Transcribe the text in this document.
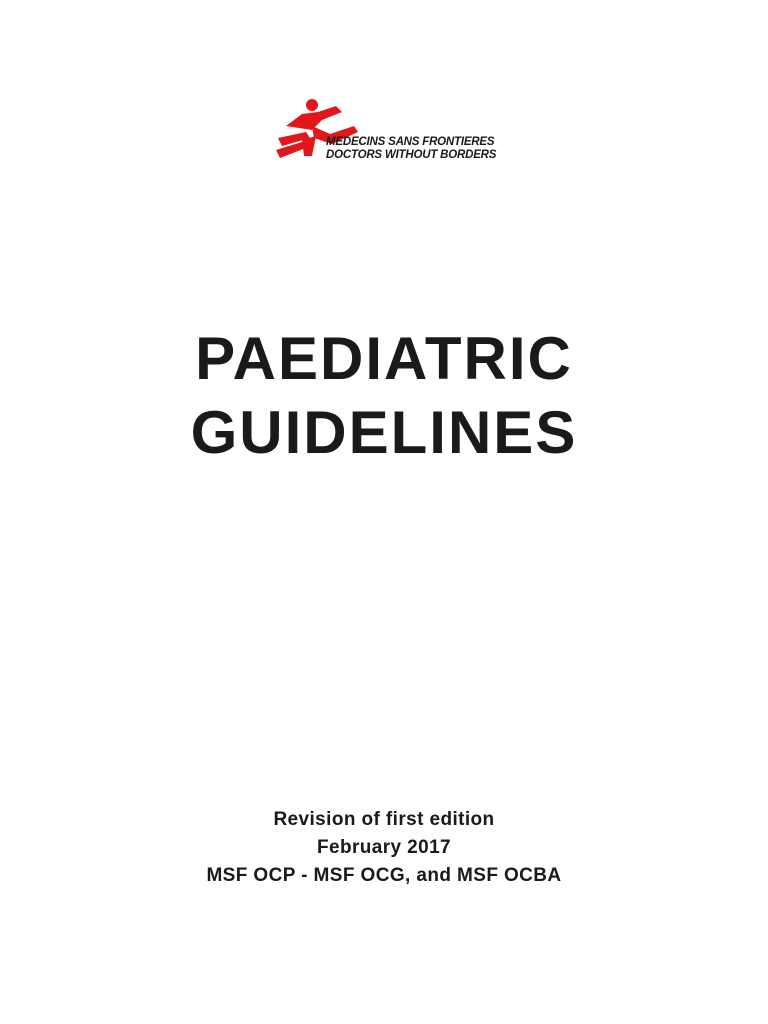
MEDECINS SANS FRONTIERES
DOCTORS WITHOUT BORDERS
PAEDIATRIC
GUIDELINES
Revision of first edition
February 2017
MSF OCP - MSF OCG, and MSF OCBA
